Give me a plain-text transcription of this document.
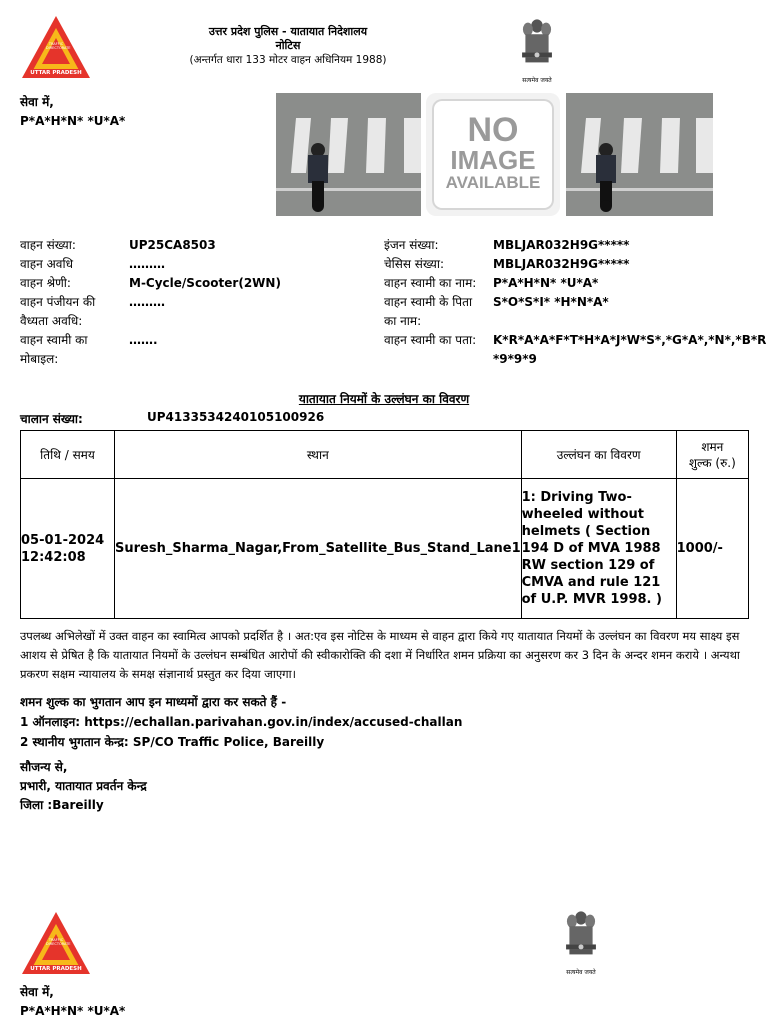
UTTAR PRADESH
TRAFFIC DIRECTORATE
उत्तर प्रदेश पुलिस - यातायात निदेशालय
नोटिस
(अन्तर्गत धारा 133 मोटर वाहन अधिनियम 1988)
सत्यमेव जयते
सेवा में,
P*A*H*N* *U*A*	NO
IMAGE
AVAILABLE
वाहन संख्या:	UP25CA8503
वाहन अवधि	………
वाहन श्रेणी:	M-Cycle/Scooter(2WN)
वाहन पंजीयन की
वैध्यता अवधि:
………
वाहन स्वामी का
मोबाइल:
…….
इंजन संख्या:	MBLJAR032H9G*****
चेसिस संख्या:	MBLJAR032H9G*****
वाहन स्वामी का नाम: P*A*H*N* *U*A*
वाहन स्वामी के पिता
का नाम:
S*O*S*I* *H*N*A*
वाहन स्वामी का पता: K*R*A*A*F*T*H*A*J*W*S*,*G*A*,*N*,*B*R
*9*9*9
यातायात नियमों के उल्लंघन का विवरण
चालान संख्या:	UP4133534240105100926
तिथि / समय	स्थान	उल्लंघन का विवरण	शमन
शुल्क (रु.)

05-01-2024
12:42:08	Suresh_Sharma_Nagar,From_Satellite_Bus_Stand_Lane1	1: Driving Two-wheeled without helmets ( Section 194 D of MVA 1988 RW section 129 of CMVA and rule 121 of U.P. MVR 1998. )	1000/-
उपलब्ध अभिलेखों में उक्त वाहन का स्वामित्व आपको प्रदर्शित है । अत:एव इस नोटिस के माध्यम से वाहन द्वारा किये गए यातायात नियमों के उल्लंघन का विवरण मय साक्ष्य इस आशय से प्रेषित है कि यातायात नियमों के उल्लंघन सम्बंधित आरोपों की स्वीकारोक्ति की दशा में निर्धारित शमन प्रक्रिया का अनुसरण कर 3 दिन के अन्दर शमन कराये । अन्यथा प्रकरण सक्षम न्यायालय के समक्ष संज्ञानार्थ प्रस्तुत कर दिया जाएगा।
शमन शुल्क का भुगतान आप इन माध्यमों द्वारा कर सकते हैं -
1 ऑनलाइन: https://echallan.parivahan.gov.in/index/accused-challan
2 स्थानीय भुगतान केन्द्र: SP/CO Traffic Police, Bareilly
सौजन्य से,
प्रभारी, यातायात प्रवर्तन केन्द्र
जिला :Bareilly
UTTAR PRADESH
TRAFFIC DIRECTORATE
सत्यमेव जयते
सेवा में,
P*A*H*N* *U*A*
